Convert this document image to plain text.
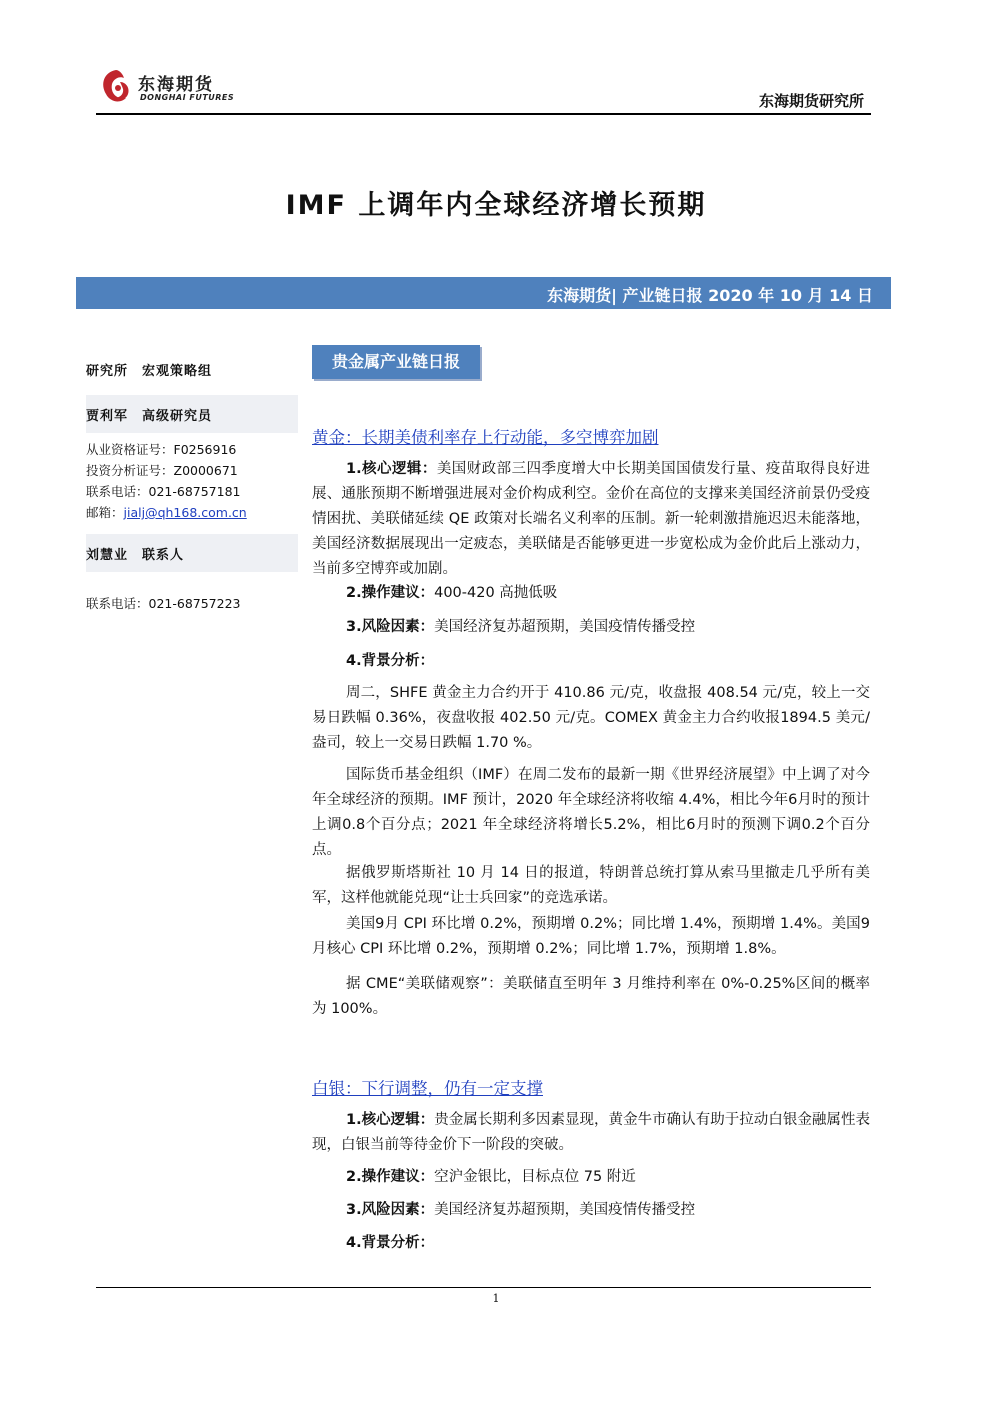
东海期货
DONGHAI FUTURES	东海期货研究所
IMF 上调年内全球经济增长预期
东海期货| 产业链日报 2020 年 10 月 14 日
研究所 宏观策略组
贾利军 高级研究员
从业资格证号：F0256916
投资分析证号：Z0000671
联系电话：021-68757181
邮箱：jialj@qh168.com.cn
刘慧业 联系人
联系电话：021-68757223
贵金属产业链日报
黄金：长期美债利率存上行动能，多空博弈加剧
1.核心逻辑：美国财政部三四季度增大中长期美国国债发行量、疫苗取得良好进展、通胀预期不断增强进展对金价构成利空。金价在高位的支撑来美国经济前景仍受疫情困扰、美联储延续 QE 政策对长端名义利率的压制。新一轮刺激措施迟迟未能落地，美国经济数据展现出一定疲态，美联储是否能够更进一步宽松成为金价此后上涨动力，当前多空博弈或加剧。
2.操作建议：400-420 高抛低吸
3.风险因素：美国经济复苏超预期，美国疫情传播受控
4.背景分析：
周二，SHFE 黄金主力合约开于 410.86 元/克，收盘报 408.54 元/克，较上一交易日跌幅 0.36%，夜盘收报 402.50 元/克。COMEX 黄金主力合约收报1894.5 美元/盎司，较上一交易日跌幅 1.70 %。
国际货币基金组织（IMF）在周二发布的最新一期《世界经济展望》中上调了对今年全球经济的预期。IMF 预计，2020 年全球经济将收缩 4.4%，相比今年6月时的预计上调0.8个百分点；2021 年全球经济将增长5.2%，相比6月时的预测下调0.2个百分点。
据俄罗斯塔斯社 10 月 14 日的报道，特朗普总统打算从索马里撤走几乎所有美军，这样他就能兑现“让士兵回家”的竞选承诺。
美国9月 CPI 环比增 0.2%，预期增 0.2%；同比增 1.4%，预期增 1.4%。美国9月核心 CPI 环比增 0.2%，预期增 0.2%；同比增 1.7%，预期增 1.8%。
据 CME“美联储观察”：美联储直至明年 3 月维持利率在 0%-0.25%区间的概率为 100%。
白银：下行调整，仍有一定支撑
1.核心逻辑：贵金属长期利多因素显现，黄金牛市确认有助于拉动白银金融属性表现，白银当前等待金价下一阶段的突破。
2.操作建议：空沪金银比，目标点位 75 附近
3.风险因素：美国经济复苏超预期，美国疫情传播受控
4.背景分析：
1
